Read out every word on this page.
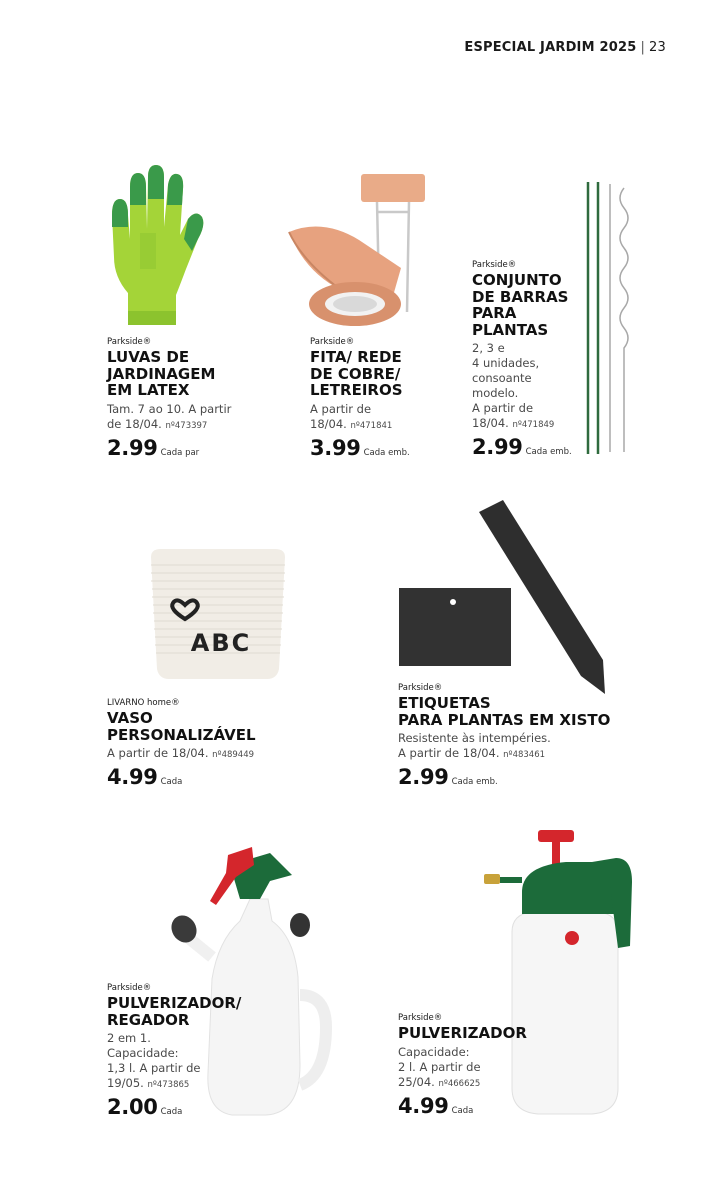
ESPECIAL JARDIM 2025 | 23
Parkside®
LUVAS DE
JARDINAGEM
EM LATEX
Tam. 7 ao 10. A partir
de 18/04. nº473397
2.99 Cada par
Parkside®
FITA/ REDE
DE COBRE/
LETREIROS
A partir de
18/04. nº471841
3.99 Cada emb.
Parkside®
CONJUNTO
DE BARRAS
PARA
PLANTAS
2, 3 e
4 unidades,
consoante
modelo.
A partir de
18/04. nº471849
2.99 Cada emb.
ABC
LIVARNO home®
VASO
PERSONALIZÁVEL
A partir de 18/04. nº489449
4.99 Cada
Parkside®
ETIQUETAS
PARA PLANTAS EM XISTO
Resistente às intempéries.
A partir de 18/04. nº483461
2.99 Cada emb.
Parkside®
PULVERIZADOR/
REGADOR
2 em 1.
Capacidade:
1,3 l. A partir de
19/05. nº473865
2.00 Cada
Parkside®
PULVERIZADOR
Capacidade:
2 l. A partir de
25/04. nº466625
4.99 Cada
